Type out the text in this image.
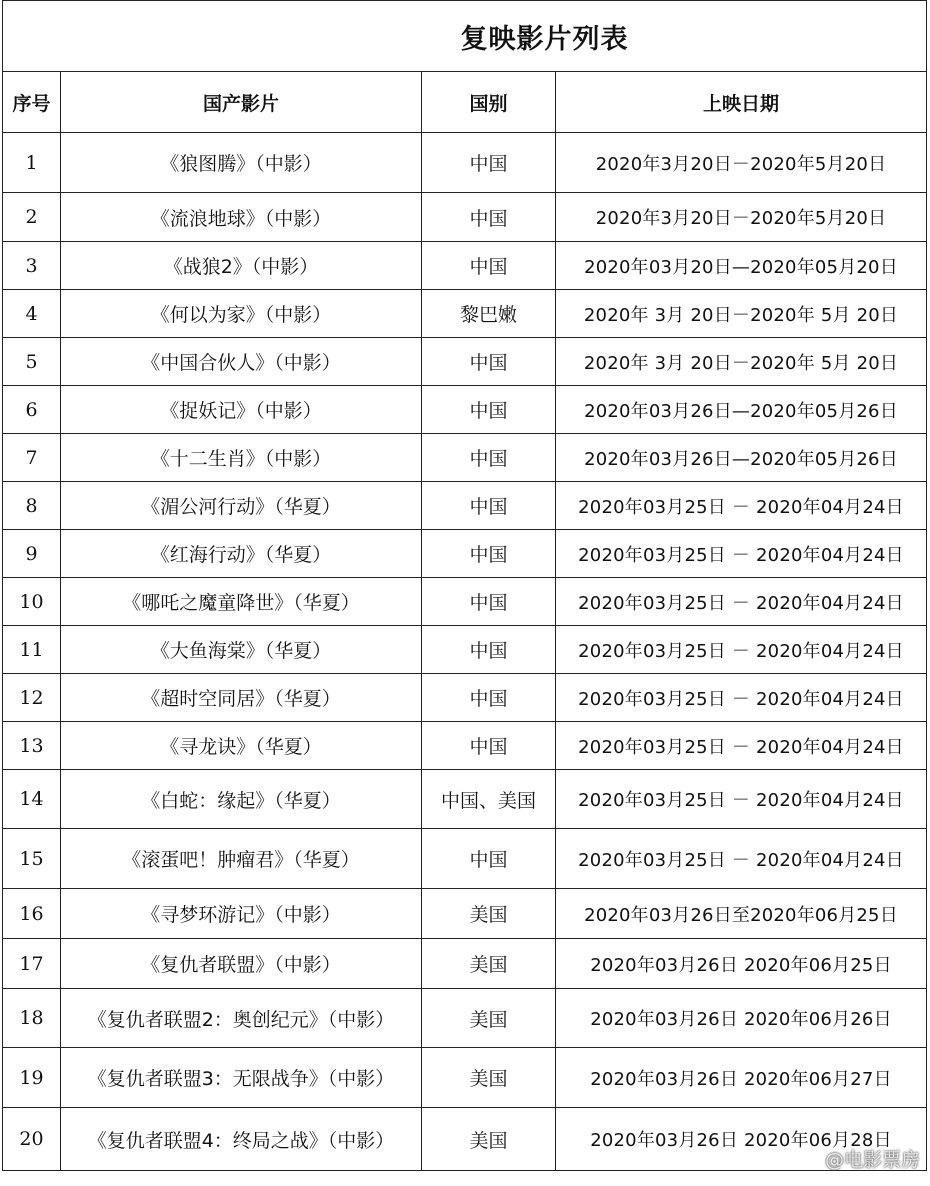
复映影片列表			
序号	国产影片	国别	上映日期
1	《狼图腾》（中影）	中国	2020年3月20日－2020年5月20日
2	《流浪地球》（中影）	中国	2020年3月20日－2020年5月20日
3	《战狼2》（中影）	中国	2020年03月20日—2020年05月20日
4	《何以为家》（中影）	黎巴嫩	2020年 3月 20日－2020年 5月 20日
5	《中国合伙人》（中影）	中国	2020年 3月 20日－2020年 5月 20日
6	《捉妖记》（中影）	中国	2020年03月26日—2020年05月26日
7	《十二生肖》（中影）	中国	2020年03月26日—2020年05月26日
8	《湄公河行动》（华夏）	中国	2020年03月25日 － 2020年04月24日
9	《红海行动》（华夏）	中国	2020年03月25日 － 2020年04月24日
10	《哪吒之魔童降世》（华夏）	中国	2020年03月25日 － 2020年04月24日
11	《大鱼海棠》（华夏）	中国	2020年03月25日 － 2020年04月24日
12	《超时空同居》（华夏）	中国	2020年03月25日 － 2020年04月24日
13	《寻龙诀》（华夏）	中国	2020年03月25日 － 2020年04月24日
14	《白蛇：缘起》（华夏）	中国、美国	2020年03月25日 － 2020年04月24日
15	《滚蛋吧！肿瘤君》（华夏）	中国	2020年03月25日 － 2020年04月24日
16	《寻梦环游记》（中影）	美国	2020年03月26日至2020年06月25日
17	《复仇者联盟》（中影）	美国	2020年03月26日 2020年06月25日
18	《复仇者联盟2：奥创纪元》（中影）	美国	2020年03月26日 2020年06月26日
19	《复仇者联盟3：无限战争》（中影）	美国	2020年03月26日 2020年06月27日
20	《复仇者联盟4：终局之战》（中影）	美国	2020年03月26日 2020年06月28日
@电影票房
